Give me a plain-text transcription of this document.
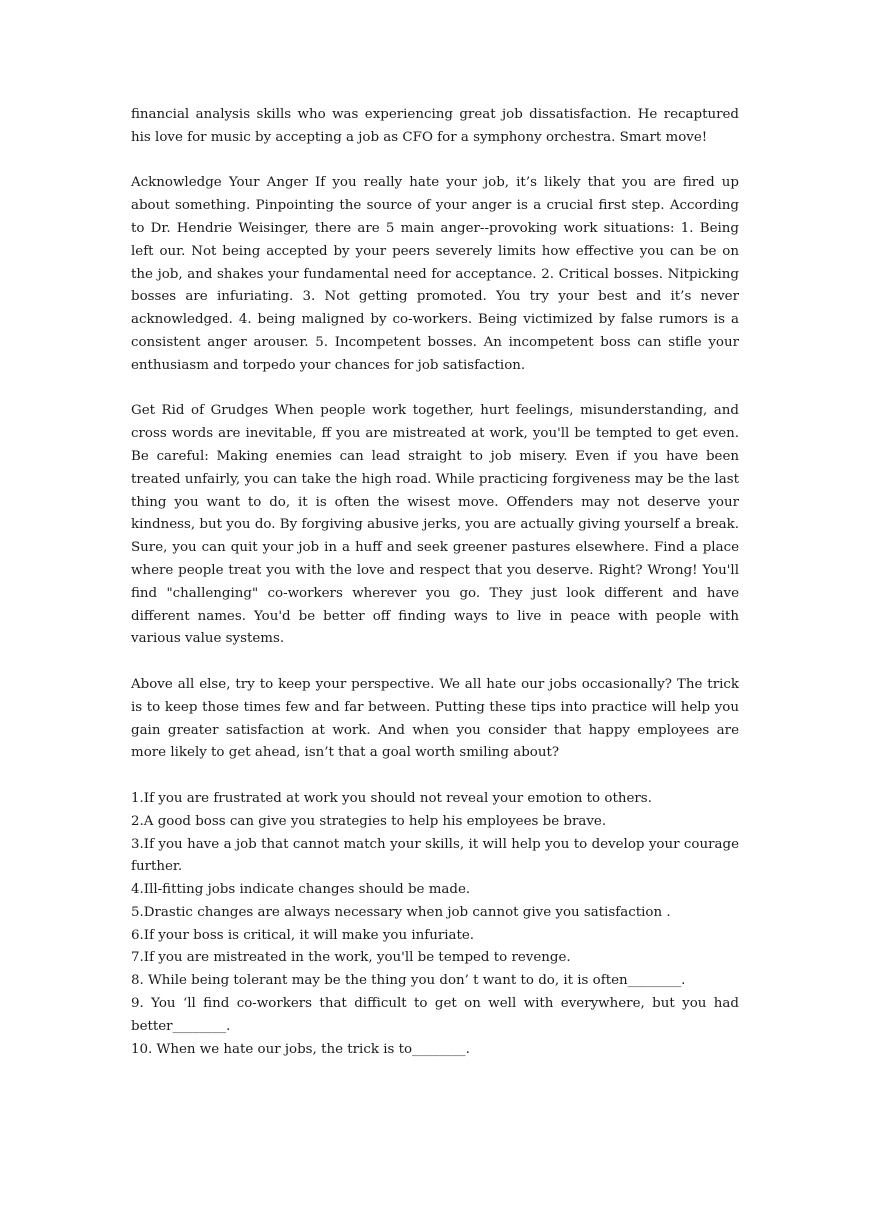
financial analysis skills who was experiencing great job dissatisfaction. He recaptured his love for music by accepting a job as CFO for a symphony orchestra. Smart move!

Acknowledge Your Anger If you really hate your job, it’s likely that you are fired up about something. Pinpointing the source of your anger is a crucial first step. According to Dr. Hendrie Weisinger, there are 5 main anger--provoking work situations: 1. Being left our. Not being accepted by your peers severely limits how effective you can be on the job, and shakes your fundamental need for acceptance. 2. Critical bosses. Nitpicking bosses are infuriating. 3. Not getting promoted. You try your best and it’s never acknowledged. 4. being maligned by co-workers. Being victimized by false rumors is a consistent anger arouser. 5. Incompetent bosses. An incompetent boss can stifle your enthusiasm and torpedo your chances for job satisfaction.

Get Rid of Grudges When people work together, hurt feelings, misunderstanding, and cross words are inevitable, ff you are mistreated at work, you'll be tempted to get even. Be careful: Making enemies can lead straight to job misery. Even if you have been treated unfairly, you can take the high road. While practicing forgiveness may be the last thing you want to do, it is often the wisest move. Offenders may not deserve your kindness, but you do. By forgiving abusive jerks, you are actually giving yourself a break. Sure, you can quit your job in a huff and seek greener pastures elsewhere. Find a place where people treat you with the love and respect that you deserve. Right? Wrong! You'll find "challenging" co-workers wherever you go. They just look different and have different names. You'd be better off finding ways to live in peace with people with various value systems.

Above all else, try to keep your perspective. We all hate our jobs occasionally? The trick is to keep those times few and far between. Putting these tips into practice will help you gain greater satisfaction at work. And when you consider that happy employees are more likely to get ahead, isn’t that a goal worth smiling about?

1.If you are frustrated at work you should not reveal your emotion to others.
2.A good boss can give you strategies to help his employees be brave.
3.If you have a job that cannot match your skills, it will help you to develop your courage further.
4.Ill-fitting jobs indicate changes should be made.
5.Drastic changes are always necessary when job cannot give you satisfaction .
6.If your boss is critical, it will make you infuriate.
7.If you are mistreated in the work, you'll be temped to revenge.
8. While being tolerant may be the thing you don’ t want to do, it is often________.
9. You ‘ll find co-workers that difficult to get on well with everywhere, but you had better________.
10. When we hate our jobs, the trick is to________.
